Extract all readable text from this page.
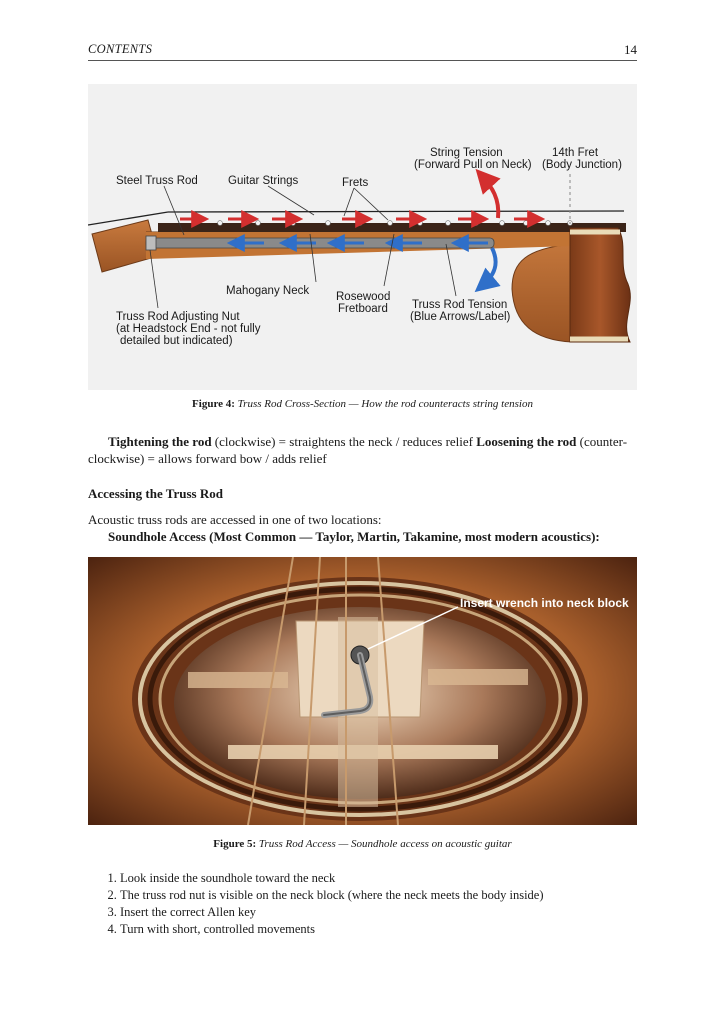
CONTENTS	14
Steel Truss Rod	Guitar Strings	Frets
String Tension
(Forward Pull on Neck)
14th Fret
(Body Junction)
Mahogany Neck Rosewood
Fretboard Truss Rod Tension
(Blue Arrows/Label)
Truss Rod Adjusting Nut
(at Headstock End - not fully
detailed but indicated)
Figure 4: Truss Rod Cross-Section — How the rod counteracts string tension
Tightening the rod (clockwise) = straightens the neck / reduces relief Loosening the rod (counter-clockwise) = allows forward bow / adds relief
Accessing the Truss Rod
Acoustic truss rods are accessed in one of two locations:
Soundhole Access (Most Common — Taylor, Martin, Takamine, most modern acoustics):
Insert wrench into neck block
Figure 5: Truss Rod Access — Soundhole access on acoustic guitar
1. Look inside the soundhole toward the neck
2. The truss rod nut is visible on the neck block (where the neck meets the body inside)
3. Insert the correct Allen key
4. Turn with short, controlled movements
